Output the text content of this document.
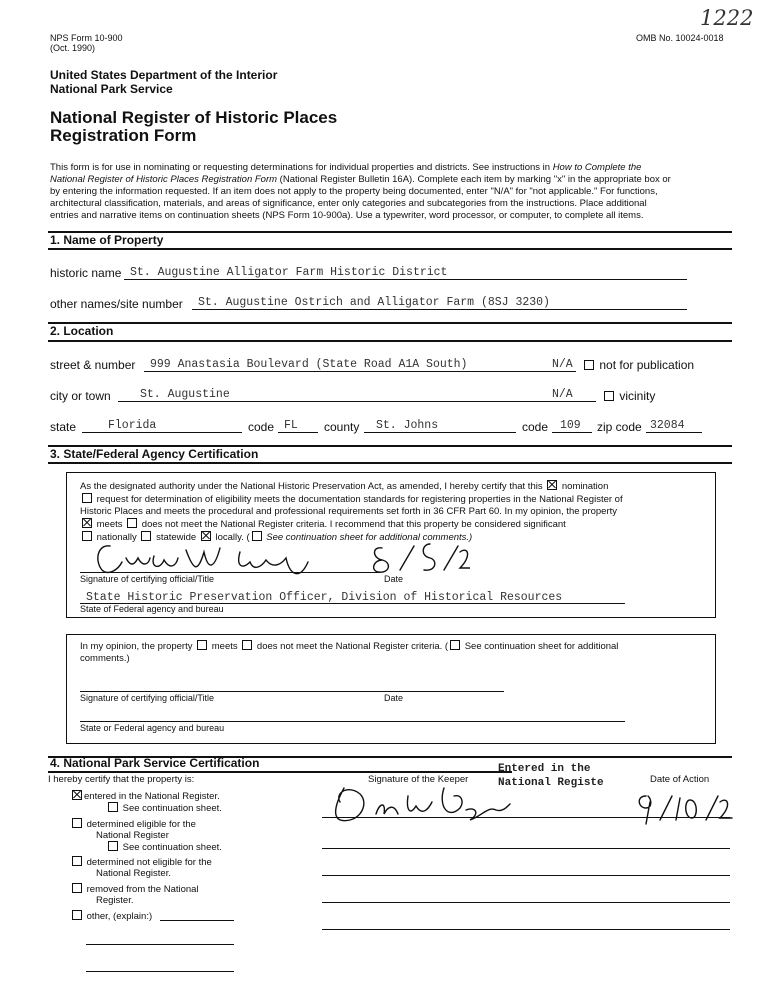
NPS Form 10-900
(Oct. 1990)
OMB No. 10024-0018
1222
United States Department of the Interior
National Park Service
National Register of Historic Places
Registration Form
This form is for use in nominating or requesting determinations for individual properties and districts. See instructions in How to Complete the
National Register of Historic Places Registration Form (National Register Bulletin 16A). Complete each item by marking "x" in the appropriate box or
by entering the information requested. If an item does not apply to the property being documented, enter "N/A" for "not applicable." For functions,
architectural classification, materials, and areas of significance, enter only categories and subcategories from the instructions. Place additional
entries and narrative items on continuation sheets (NPS Form 10-900a). Use a typewriter, word processor, or computer, to complete all items.
1. Name of Property
historic name St. Augustine Alligator Farm Historic District
other names/site number St. Augustine Ostrich and Alligator Farm (8SJ 3230)
2. Location
street & number 999 Anastasia Boulevard (State Road A1A South)	N/A	not for publication
city or town	St. Augustine	N/A	vicinity
state	Florida	code FL county St. Johns	code 109 zip code 32084
3. State/Federal Agency Certification
As the designated authority under the National Historic Preservation Act, as amended, I hereby certify that this nomination
request for determination of eligibility meets the documentation standards for registering properties in the National Register of
Historic Places and meets the procedural and professional requirements set forth in 36 CFR Part 60. In my opinion, the property
meets does not meet the National Register criteria. I recommend that this property be considered significant
nationally statewide locally. ( See continuation sheet for additional comments.)
Signature of certifying official/Title	Date
State Historic Preservation Officer, Division of Historical Resources
State of Federal agency and bureau
In my opinion, the property meets does not meet the National Register criteria. ( See continuation sheet for additional
comments.)
Signature of certifying official/Title	Date
State or Federal agency and bureau
4. National Park Service Certification
I hereby certify that the property is:	Signature of the Keeper	Date of Action
Entered in the
National Registe
entered in the National Register.
See continuation sheet.
determined eligible for the
National Register
See continuation sheet.
determined not eligible for the
National Register.
removed from the National
Register.
other, (explain:)
